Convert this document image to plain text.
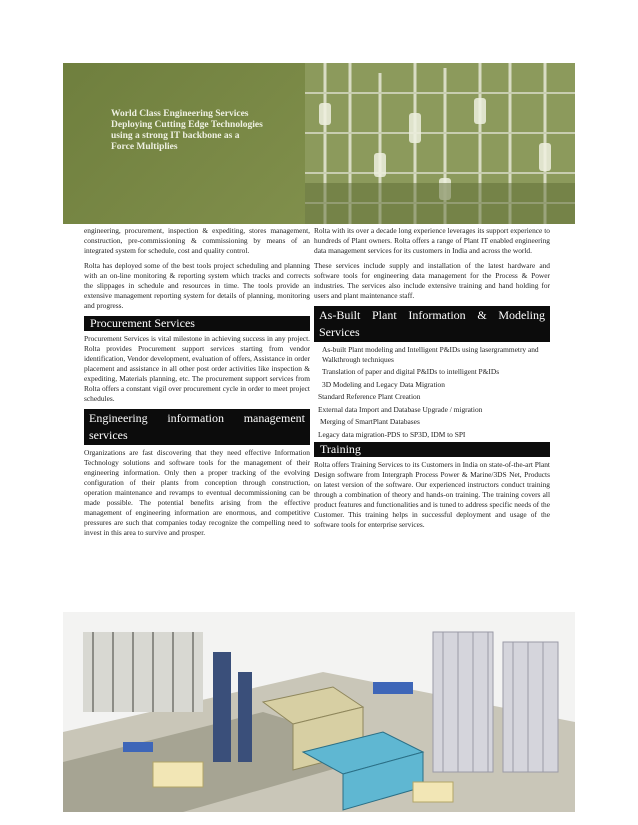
World Class Engineering Services
Deploying Cutting Edge Technologies
using a strong IT backbone as a
Force Multiplies

engineering, procurement, inspection & expediting, stores management, construction, pre-commissioning & commissioning by means of an integrated system for schedule, cost and quality control.

Rolta has deployed some of the best tools project scheduling and planning with an on-line monitoring & reporting system which tracks and corrects the slippages in schedule and resources in time. The tools provide an extensive management reporting system for details of planning, monitoring and progress.

Procurement Services

Procurement Services is vital milestone in achieving success in any project. Rolta provides Procurement support services starting from vendor identification, Vendor development, evaluation of offers, Assistance in order placement and assistance in all other post order activities like inspection & expediting, Materials planning, etc. The procurement support services from Rolta offers a constant vigil over procurement cycle in order to meet project schedules.

Engineering information management services

Organizations are fast discovering that they need effective Information Technology solutions and software tools for the management of their engineering information. Only then a proper tracking of the evolving configuration of their plants from conception through construction, operation maintenance and revamps to eventual decommissioning can be made possible. The potential benefits arising from the effective management of engineering information are enormous, and competitive pressures are such that companies today recognize the compelling need to invest in this area to survive and prosper.

Rolta with its over a decade long experience leverages its support experience to hundreds of Plant owners. Rolta offers a range of Plant IT enabled engineering data management services for its customers in India and across the world.

These services include supply and installation of the latest hardware and software tools for engineering data management for the Process & Power industries. The services also include extensive training and hand holding for users and plant maintenance staff.

As-Built Plant Information & Modeling Services
As-built Plant modeling and Intelligent P&IDs using lasergrammetry and Walkthrough techniques
Translation of paper and digital P&IDs to intelligent P&IDs
3D Modeling and Legacy Data Migration
Standard Reference Plant Creation
External data Import and Database Upgrade / migration
Merging of SmartPlant Databases
Legacy data migration-PDS to SP3D, IDM to SPI
Training

Rolta offers Training Services to its Customers in India on state-of-the-art Plant Design software from Intergraph Process Power & Marine/3DS Net, Products on latest version of the software. Our experienced instructors conduct training through a combination of theory and hands-on training. The training covers all product features and functionalities and is tuned to address specific needs of the Customer. This training helps in successful deployment and usage of the software tools for enterprise services.
